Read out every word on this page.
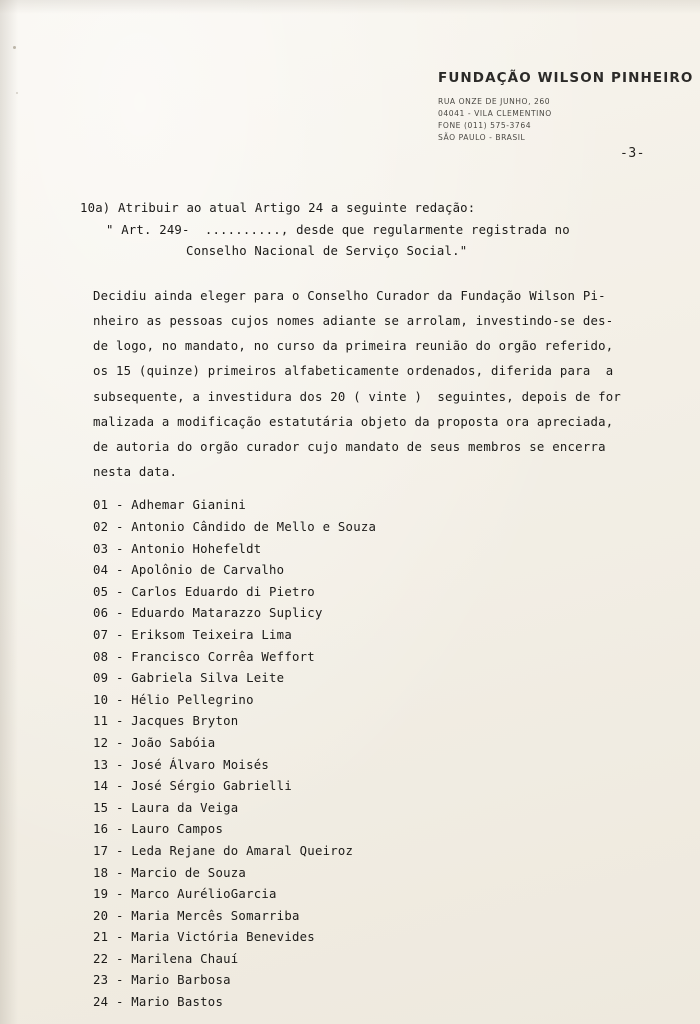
FUNDAÇÃO WILSON PINHEIRO
RUA ONZE DE JUNHO, 260
04041 - VILA CLEMENTINO
FONE (011) 575-3764
SÃO PAULO - BRASIL
-3-
10a) Atribuir ao atual Artigo 24 a seguinte redação:
" Art. 249-  .........., desde que regularmente registrada no
Conselho Nacional de Serviço Social."

Decidiu ainda eleger para o Conselho Curador da Fundação Wilson Pi-
nheiro as pessoas cujos nomes adiante se arrolam, investindo-se des-
de logo, no mandato, no curso da primeira reunião do orgão referido,
os 15 (quinze) primeiros alfabeticamente ordenados, diferida para  a
subsequente, a investidura dos 20 ( vinte )  seguintes, depois de for
malizada a modificação estatutária objeto da proposta ora apreciada,
de autoria do orgão curador cujo mandato de seus membros se encerra
nesta data.

01 - Adhemar Gianini
02 - Antonio Cândido de Mello e Souza
03 - Antonio Hohefeldt
04 - Apolônio de Carvalho
05 - Carlos Eduardo di Pietro
06 - Eduardo Matarazzo Suplicy
07 - Eriksom Teixeira Lima
08 - Francisco Corrêa Weffort
09 - Gabriela Silva Leite
10 - Hélio Pellegrino
11 - Jacques Bryton
12 - João Sabóia
13 - José Álvaro Moisés
14 - José Sérgio Gabrielli
15 - Laura da Veiga
16 - Lauro Campos
17 - Leda Rejane do Amaral Queiroz
18 - Marcio de Souza
19 - Marco AurélioGarcia
20 - Maria Mercês Somarriba
21 - Maria Victória Benevides
22 - Marilena Chauí
23 - Mario Barbosa
24 - Mario Bastos
